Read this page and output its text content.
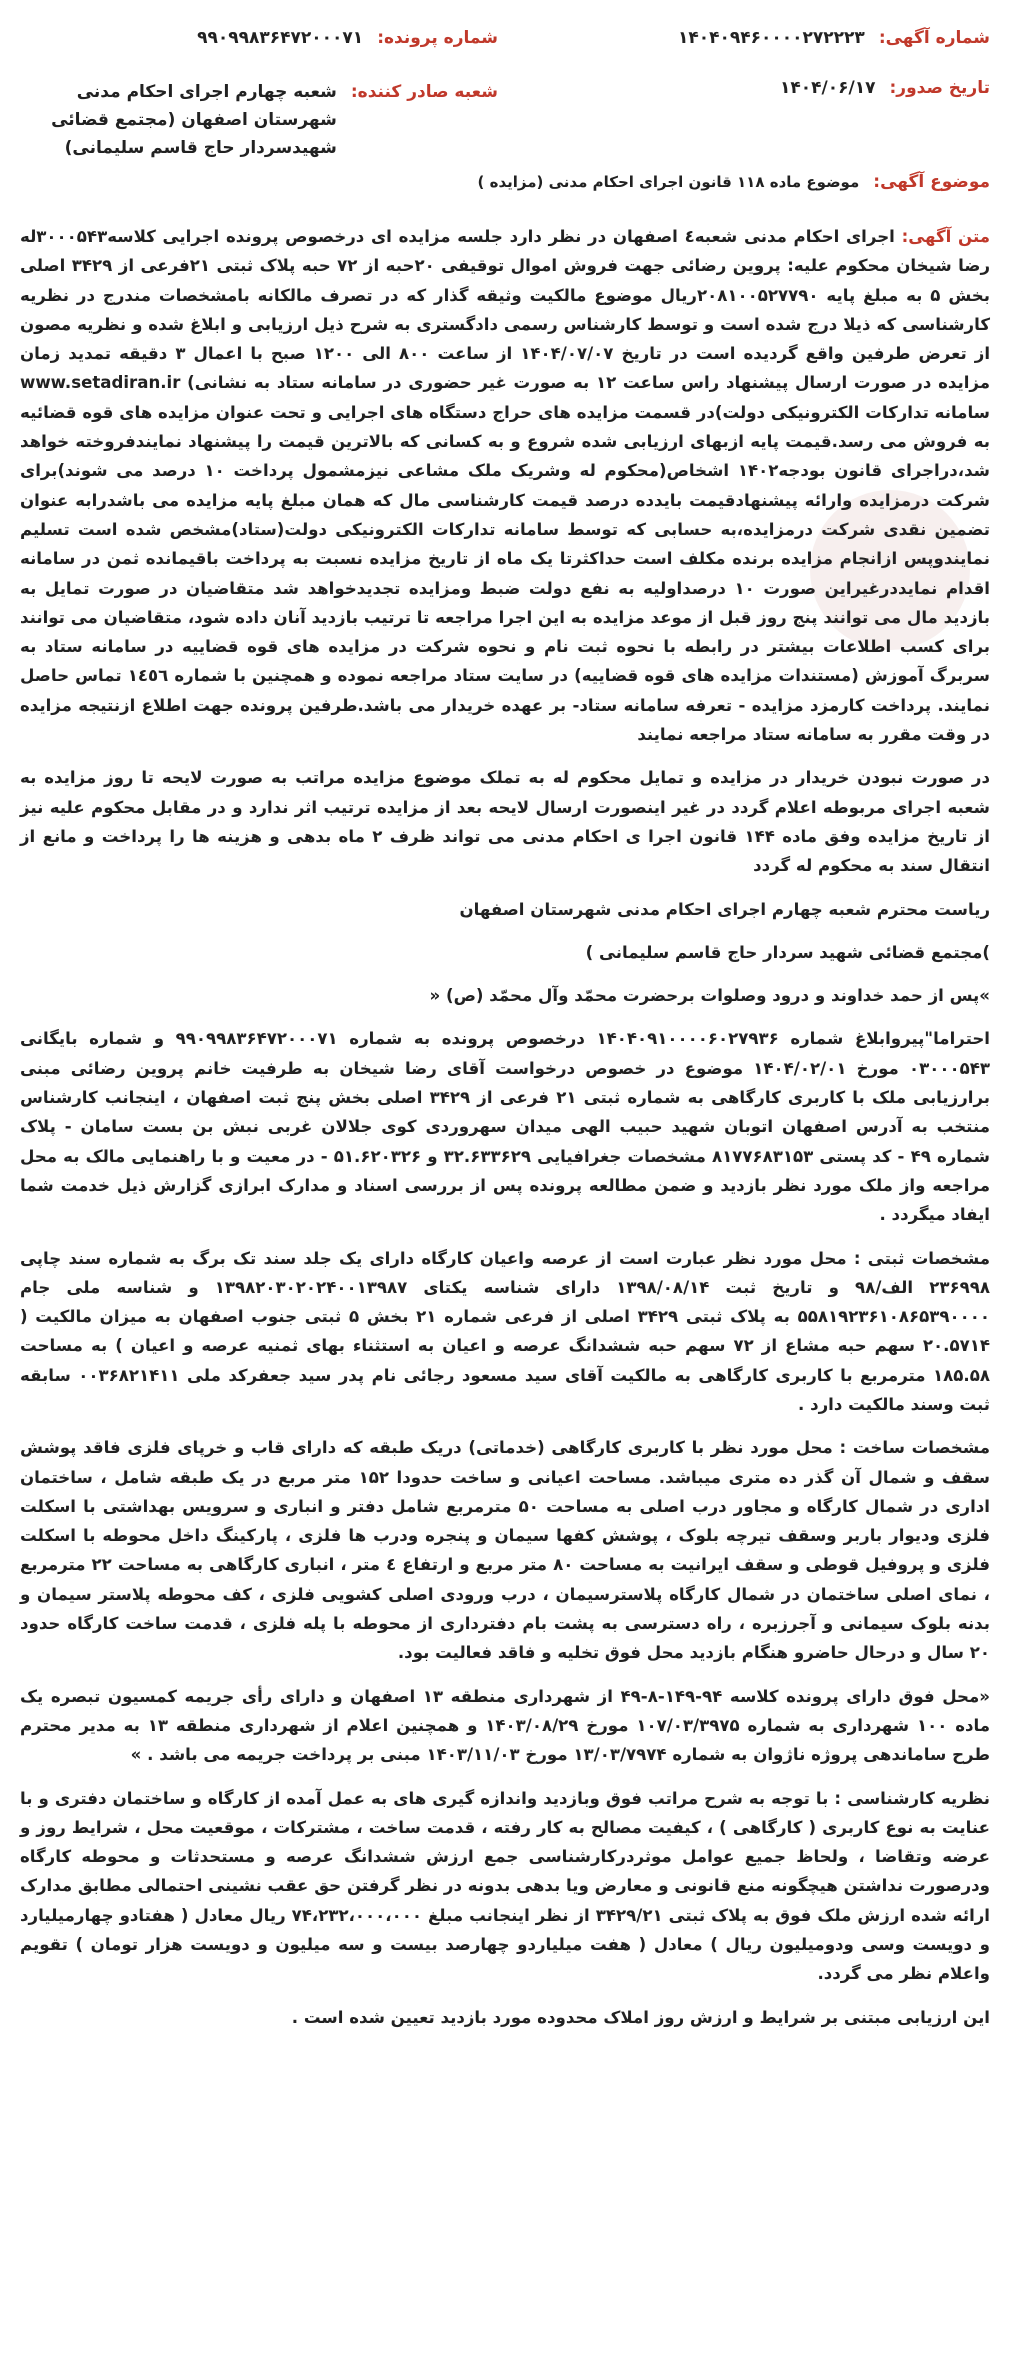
شماره آگهی:
۱۴۰۴۰۹۴۶۰۰۰۰۲۷۲۲۲۳
شماره پرونده:
۹۹۰۹۹۸۳۶۴۷۲۰۰۰۷۱
تاریخ صدور:
۱۴۰۴/۰۶/۱۷
شعبه صادر کننده:
شعبه چهارم اجرای احکام مدنی شهرستان اصفهان (مجتمع قضائی شهیدسردار حاج قاسم سلیمانی)
موضوع آگهی:
موضوع ماده ۱۱۸ قانون اجرای احکام مدنی (مزایده )

متن آگهی: اجرای احکام مدنی شعبه٤ اصفهان در نظر دارد جلسه مزایده ای درخصوص پرونده اجرایی کلاسه۳۰۰۰۵۴۳له رضا شیخان محکوم علیه: پروین رضائی جهت فروش اموال توقیفی ۲۰حبه از ۷۲ حبه پلاک ثبتی ۲۱فرعی از ۳۴۲۹ اصلی بخش ۵ به مبلغ پایه ۲۰۸۱۰۰۵۲۷۷۹۰ریال موضوع مالکیت وثیقه گذار که در تصرف مالکانه بامشخصات مندرج در نظریه کارشناسی که ذیلا درج شده است و توسط کارشناس رسمی دادگستری به شرح ذیل ارزیابی و ابلاغ شده و نظریه مصون از تعرض طرفین واقع گردیده است در تاریخ ۱۴۰۴/۰۷/۰۷ از ساعت ۸۰۰ الی ۱۲۰۰ صبح با اعمال ۳ دقیقه تمدید زمان مزایده در صورت ارسال پیشنهاد راس ساعت ۱۲ به صورت غیر حضوری در سامانه ستاد به نشانی) www.setadiran.ir سامانه تدارکات الکترونیکی دولت)در قسمت مزایده های حراج دستگاه های اجرایی و تحت عنوان مزایده های قوه قضائیه به فروش می رسد.قیمت پایه ازبهای ارزیابی شده شروع و به کسانی که بالاترین قیمت را پیشنهاد نمایندفروخته خواهد شد،دراجرای قانون بودجه۱۴۰۲ اشخاص(محکوم له وشریک ملک مشاعی نیزمشمول پرداخت ۱۰ درصد می شوند)برای شرکت درمزایده وارائه پیشنهادقیمت بایدده درصد قیمت کارشناسی مال که همان مبلغ پایه مزایده می باشدرابه عنوان تضمین نقدی شرکت درمزایده،به حسابی که توسط سامانه تدارکات الکترونیکی دولت(ستاد)مشخص شده است تسلیم نمایندوپس ازانجام مزایده برنده مکلف است حداکثرتا یک ماه از تاریخ مزایده نسبت به پرداخت باقیمانده ثمن در سامانه اقدام نمایددرغیراین صورت ۱۰ درصداولیه به نفع دولت ضبط ومزایده تجدیدخواهد شد متقاضیان در صورت تمایل به بازدید مال می توانند پنج روز قبل از موعد مزایده به این اجرا مراجعه تا ترتیب بازدید آنان داده شود، متقاضیان می توانند برای کسب اطلاعات بیشتر در رابطه با نحوه ثبت نام و نحوه شرکت در مزایده های قوه قضاییه در سامانه ستاد به سربرگ آموزش (مستندات مزایده های قوه قضاییه) در سایت ستاد مراجعه نموده و همچنین با شماره ۱٤٥٦ تماس حاصل نمایند. پرداخت کارمزد مزایده - تعرفه سامانه ستاد- بر عهده خریدار می باشد.طرفین پرونده جهت اطلاع ازنتیجه مزایده در وقت مقرر به سامانه ستاد مراجعه نمایند

در صورت نبودن خریدار در مزایده و تمایل محکوم له به تملک موضوع مزایده مراتب به صورت لایحه تا روز مزایده به شعبه اجرای مربوطه اعلام گردد در غیر اینصورت ارسال لایحه بعد از مزایده ترتیب اثر ندارد و در مقابل محکوم علیه نیز از تاریخ مزایده وفق ماده ۱۴۴ قانون اجرا ی احکام مدنی می تواند ظرف ۲ ماه بدهی و هزینه ها را پرداخت و مانع از انتقال سند به محکوم له گردد

ریاست محترم شعبه چهارم اجرای احکام مدنی شهرستان اصفهان

)مجتمع قضائی شهید سردار حاج قاسم سلیمانی )

»پس از حمد خداوند و درود وصلوات برحضرت محمّد وآل محمّد (ص) «

احتراما"پیروابلاغ شماره ۱۴۰۴۰۹۱۰۰۰۰۶۰۲۷۹۳۶ درخصوص پرونده به شماره ۹۹۰۹۹۸۳۶۴۷۲۰۰۰۷۱ و شماره بایگانی ۰۳۰۰۰۵۴۳ مورخ ۱۴۰۴/۰۲/۰۱ موضوع در خصوص درخواست آقای رضا شیخان به طرفیت خانم پروین رضائی مبنی برارزیابی ملک با کاربری کارگاهی به شماره ثبتی ۲۱ فرعی از ۳۴۲۹ اصلی بخش پنج ثبت اصفهان ، اینجانب کارشناس منتخب به آدرس اصفهان اتوبان شهید حبیب الهی میدان سهروردی کوی جلالان غربی نبش بن بست سامان - پلاک شماره ۴۹ - کد پستی ۸۱۷۷۶۸۳۱۵۳ مشخصات جغرافیایی ۳۲.۶۳۳۶۲۹ و ۵۱.۶۲۰۳۲۶ - در معیت و با راهنمایی مالک به محل مراجعه واز ملک مورد نظر بازدید و ضمن مطالعه پرونده پس از بررسی اسناد و مدارک ابرازی گزارش ذیل خدمت شما ایفاد میگردد .

مشخصات ثبتی : محل مورد نظر عبارت است از عرصه واعیان کارگاه دارای یک جلد سند تک برگ به شماره سند چاپی ۲۳۶۹۹۸ الف/۹۸ و تاریخ ثبت ۱۳۹۸/۰۸/۱۴ دارای شناسه یکتای ۱۳۹۸۲۰۳۰۲۰۲۴۰۰۱۳۹۸۷ و شناسه ملی جام ۵۵۸۱۹۲۳۶۱۰۸۶۵۳۹۰۰۰۰ به پلاک ثبتی ۳۴۲۹ اصلی از فرعی شماره ۲۱ بخش ۵ ثبتی جنوب اصفهان به میزان مالکیت ( ۲۰.۵۷۱۴ سهم حبه مشاع از ۷۲ سهم حبه ششدانگ عرصه و اعیان به استثناء بهای ثمنیه عرصه و اعیان ) به مساحت ۱۸۵.۵۸ مترمربع با کاربری کارگاهی به مالکیت آقای سید مسعود رجائی نام پدر سید جعفرکد ملی ۰۰۳۶۸۲۱۴۱۱ سابقه ثبت وسند مالکیت دارد .

مشخصات ساخت : محل مورد نظر با کاربری کارگاهی (خدماتی) دریک طبقه که دارای قاب و خرپای فلزی فاقد پوشش سقف و شمال آن گذر ده متری میباشد. مساحت اعیانی و ساخت حدودا ۱۵۲ متر مربع در یک طبقه شامل ، ساختمان اداری در شمال کارگاه و مجاور درب اصلی به مساحت ۵۰ مترمربع شامل دفتر و انباری و سرویس بهداشتی با اسکلت فلزی ودیوار باربر وسقف تیرچه بلوک ، پوشش کفها سیمان و پنجره ودرب ها فلزی ، پارکینگ داخل محوطه با اسکلت فلزی و پروفیل قوطی و سقف ایرانیت به مساحت ۸۰ متر مربع و ارتفاع ٤ متر ، انباری کارگاهی به مساحت ۲۲ مترمربع ، نمای اصلی ساختمان در شمال کارگاه پلاسترسیمان ، درب ورودی اصلی کشویی فلزی ، کف محوطه پلاستر سیمان و بدنه بلوک سیمانی و آجرزبره ، راه دسترسی به پشت بام دفترداری از محوطه با پله فلزی ، قدمت ساخت کارگاه حدود ۲۰ سال و درحال حاضرو هنگام بازدید محل فوق تخلیه و فاقد فعالیت بود.

«محل فوق دارای پرونده کلاسه ۹۴-۱۴۹-۸-۴۹ از شهرداری منطقه ۱۳ اصفهان و دارای رأی جریمه کمسیون تبصره یک ماده ۱۰۰ شهرداری به شماره ۱۰۷/۰۳/۳۹۷۵ مورخ ۱۴۰۳/۰۸/۲۹ و همچنین اعلام از شهرداری منطقه ۱۳ به مدیر محترم طرح ساماندهی پروژه ناژوان به شماره ۱۳/۰۳/۷۹۷۴ مورخ ۱۴۰۳/۱۱/۰۳ مبنی بر پرداخت جریمه می باشد . »

نظریه کارشناسی : با توجه به شرح مراتب فوق وبازدید واندازه گیری های به عمل آمده از کارگاه و ساختمان دفتری و با عنایت به نوع کاربری ( کارگاهی ) ، کیفیت مصالح به کار رفته ، قدمت ساخت ، مشترکات ، موقعیت محل ، شرایط روز و عرضه وتقاضا ، ولحاظ جمیع عوامل موثردرکارشناسی جمع ارزش ششدانگ عرصه و مستحدثات و محوطه کارگاه ودرصورت نداشتن هیچگونه منع قانونی و معارض ویا بدهی بدونه در نظر گرفتن حق عقب نشینی احتمالی مطابق مدارک ارائه شده ارزش ملک فوق به پلاک ثبتی ۳۴۲۹/۲۱ از نظر اینجانب مبلغ ۷۴،۲۳۲،۰۰۰،۰۰۰ ریال معادل ( هفتادو چهارمیلیارد و دویست وسی ودومیلیون ریال ) معادل ( هفت میلیاردو چهارصد بیست و سه میلیون و دویست هزار تومان ) تقویم واعلام نظر می گردد.

این ارزیابی مبتنی بر شرایط و ارزش روز املاک محدوده مورد بازدید تعیین شده است .
